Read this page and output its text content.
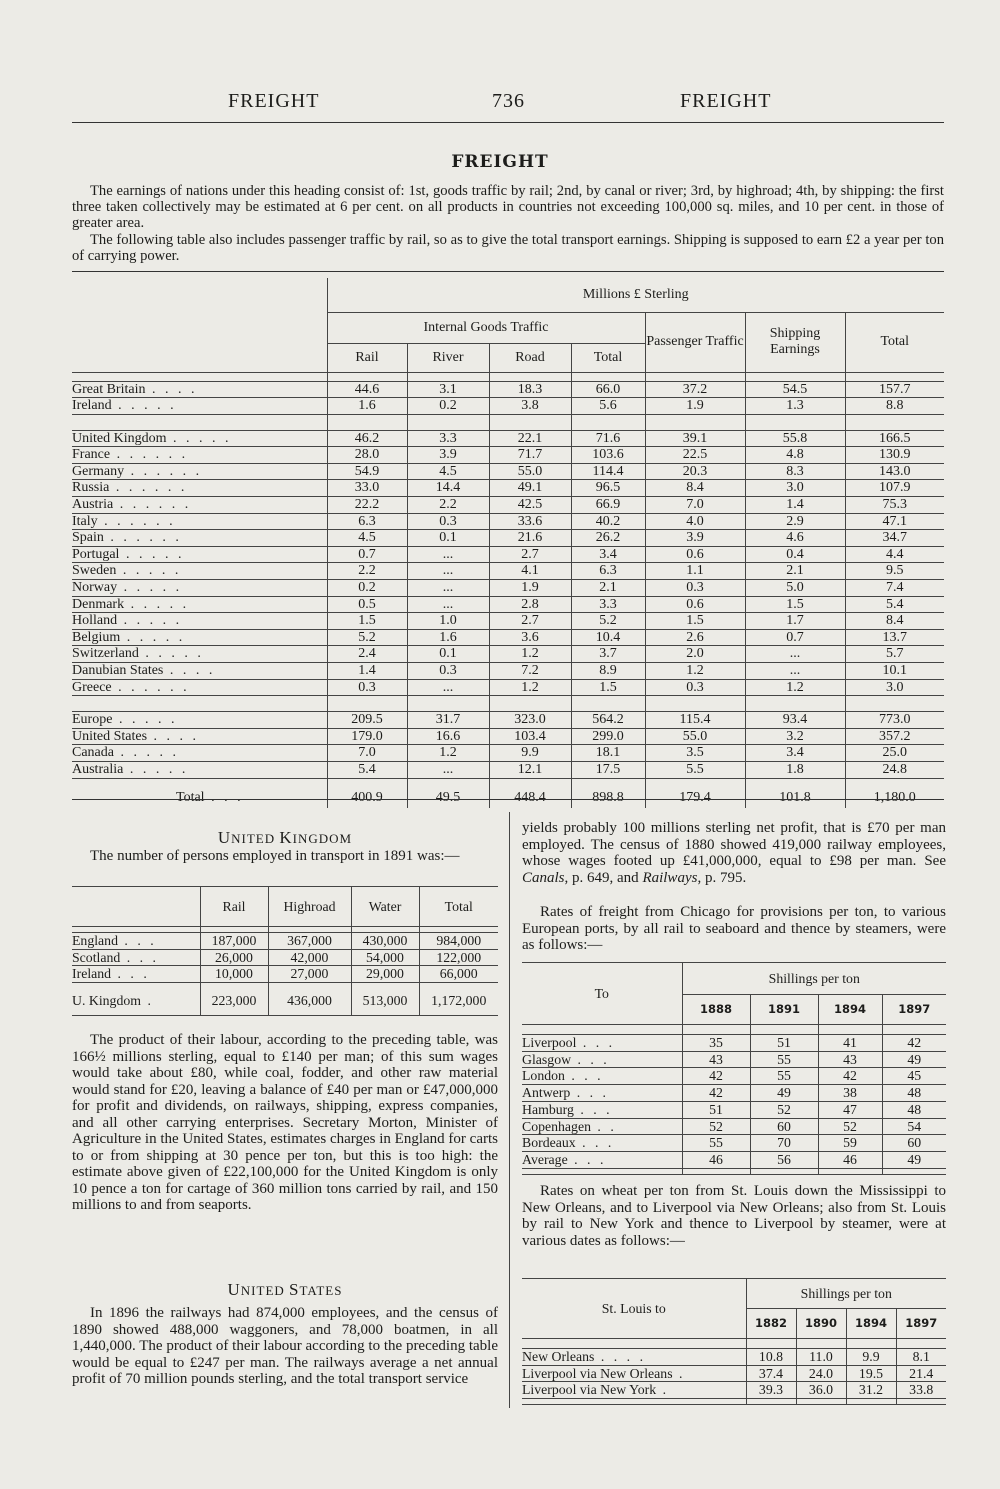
FREIGHT	736	FREIGHT
FREIGHT
The earnings of nations under this heading consist of: 1st, goods traffic by rail; 2nd, by canal or river; 3rd, by highroad; 4th, by shipping: the first three taken collectively may be estimated at 6 per cent. on all products in countries not exceeding 100,000 sq. miles, and 10 per cent. in those of greater area.
The following table also includes passenger traffic by rail, so as to give the total transport earnings. Shipping is supposed to earn £2 a year per ton of carrying power.
	Millions £ Sterling						
	Internal Goods Traffic				Passenger Traffic	Shipping Earnings	Total
	Rail	River	Road	Total			

Great Britain . . . .	44.6	3.1	18.3	66.0	37.2	54.5	157.7
Ireland . . . . .	1.6	0.2	3.8	5.6	1.9	1.3	8.8

United Kingdom . . . . .	46.2	3.3	22.1	71.6	39.1	55.8	166.5
France . . . . . .	28.0	3.9	71.7	103.6	22.5	4.8	130.9
Germany . . . . . .	54.9	4.5	55.0	114.4	20.3	8.3	143.0
Russia . . . . . .	33.0	14.4	49.1	96.5	8.4	3.0	107.9
Austria . . . . . .	22.2	2.2	42.5	66.9	7.0	1.4	75.3
Italy . . . . . .	6.3	0.3	33.6	40.2	4.0	2.9	47.1
Spain . . . . . .	4.5	0.1	21.6	26.2	3.9	4.6	34.7
Portugal . . . . .	0.7	...	2.7	3.4	0.6	0.4	4.4
Sweden . . . . .	2.2	...	4.1	6.3	1.1	2.1	9.5
Norway . . . . .	0.2	...	1.9	2.1	0.3	5.0	7.4
Denmark . . . . .	0.5	...	2.8	3.3	0.6	1.5	5.4
Holland . . . . .	1.5	1.0	2.7	5.2	1.5	1.7	8.4
Belgium . . . . .	5.2	1.6	3.6	10.4	2.6	0.7	13.7
Switzerland . . . . .	2.4	0.1	1.2	3.7	2.0	...	5.7
Danubian States . . . .	1.4	0.3	7.2	8.9	1.2	...	10.1
Greece . . . . . .	0.3	...	1.2	1.5	0.3	1.2	3.0

Europe . . . . .	209.5	31.7	323.0	564.2	115.4	93.4	773.0
United States . . . .	179.0	16.6	103.4	299.0	55.0	3.2	357.2
Canada . . . . .	7.0	1.2	9.9	18.1	3.5	3.4	25.0
Australia . . . . .	5.4	...	12.1	17.5	5.5	1.8	24.8
Total . . .	400.9	49.5	448.4	898.8	179.4	101.8	1,180.0
UNITED KINGDOM
The number of persons employed in transport in 1891 was:—
	Rail	Highroad	Water	Total

England . . .	187,000	367,000	430,000	984,000
Scotland . . .	26,000	42,000	54,000	122,000
Ireland . . .	10,000	27,000	29,000	66,000
U. Kingdom .	223,000	436,000	513,000	1,172,000

The product of their labour, according to the preceding table, was 166½ millions sterling, equal to £140 per man; of this sum wages would take about £80, while coal, fodder, and other raw material would stand for £20, leaving a balance of £40 per man or £47,000,000 for profit and dividends, on railways, shipping, express companies, and all other carrying enterprises. Secretary Morton, Minister of Agriculture in the United States, estimates charges in England for carts to or from shipping at 30 pence per ton, but this is too high: the estimate above given of £22,100,000 for the United Kingdom is only 10 pence a ton for cartage of 360 million tons carried by rail, and 150 millions to and from seaports.
UNITED STATES
In 1896 the railways had 874,000 employees, and the census of 1890 showed 488,000 waggoners, and 78,000 boatmen, in all 1,440,000. The product of their labour according to the preceding table would be equal to £247 per man. The railways average a net annual profit of 70 million pounds sterling, and the total transport service
yields probably 100 millions sterling net profit, that is £70 per man employed. The census of 1880 showed 419,000 railway employees, whose wages footed up £41,000,000, equal to £98 per man. See Canals, p. 649, and Railways, p. 795.
Rates of freight from Chicago for provisions per ton, to various European ports, by all rail to seaboard and thence by steamers, were as follows:—
To	Shillings per ton			
	1888	1891	1894	1897

Liverpool . . .	35	51	41	42
Glasgow . . .	43	55	43	49
London . . .	42	55	42	45
Antwerp . . .	42	49	38	48
Hamburg . . .	51	52	47	48
Copenhagen . .	52	60	52	54
Bordeaux . . .	55	70	59	60
Average . . .	46	56	46	49

Rates on wheat per ton from St. Louis down the Mississippi to New Orleans, and to Liverpool via New Orleans; also from St. Louis by rail to New York and thence to Liverpool by steamer, were at various dates as follows:—
St. Louis to	Shillings per ton			
	1882	1890	1894	1897

New Orleans . . . .	10.8	11.0	9.9	8.1
Liverpool via New Orleans .	37.4	24.0	19.5	21.4
Liverpool via New York .	39.3	36.0	31.2	33.8
